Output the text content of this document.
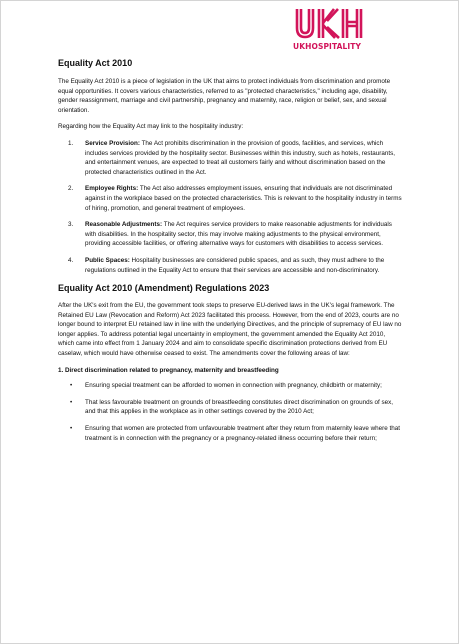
UKHOSPITALITY
Equality Act 2010

The Equality Act 2010 is a piece of legislation in the UK that aims to protect individuals from discrimination and promote equal opportunities. It covers various characteristics, referred to as "protected characteristics," including age, disability, gender reassignment, marriage and civil partnership, pregnancy and maternity, race, religion or belief, sex, and sexual orientation.

Regarding how the Equality Act may link to the hospitality industry:

1. Service Provision: The Act prohibits discrimination in the provision of goods, facilities, and services, which includes services provided by the hospitality sector. Businesses within this industry, such as hotels, restaurants, and entertainment venues, are expected to treat all customers fairly and without discrimination based on the protected characteristics outlined in the Act.
2. Employee Rights: The Act also addresses employment issues, ensuring that individuals are not discriminated against in the workplace based on the protected characteristics. This is relevant to the hospitality industry in terms of hiring, promotion, and general treatment of employees.
3. Reasonable Adjustments: The Act requires service providers to make reasonable adjustments for individuals with disabilities. In the hospitality sector, this may involve making adjustments to the physical environment, providing accessible facilities, or offering alternative ways for customers with disabilities to access services.
4. Public Spaces: Hospitality businesses are considered public spaces, and as such, they must adhere to the regulations outlined in the Equality Act to ensure that their services are accessible and non-discriminatory.
Equality Act 2010 (Amendment) Regulations 2023

After the UK's exit from the EU, the government took steps to preserve EU-derived laws in the UK's legal framework. The Retained EU Law (Revocation and Reform) Act 2023 facilitated this process. However, from the end of 2023, courts are no longer bound to interpret EU retained law in line with the underlying Directives, and the principle of supremacy of EU law no longer applies. To address potential legal uncertainty in employment, the government amended the Equality Act 2010, which came into effect from 1 January 2024 and aim to consolidate specific discrimination protections derived from EU caselaw, which would have otherwise ceased to exist. The amendments cover the following areas of law:

1. Direct discrimination related to pregnancy, maternity and breastfeeding
• Ensuring special treatment can be afforded to women in connection with pregnancy, childbirth or maternity;
• That less favourable treatment on grounds of breastfeeding constitutes direct discrimination on grounds of sex, and that this applies in the workplace as in other settings covered by the 2010 Act;
• Ensuring that women are protected from unfavourable treatment after they return from maternity leave where that treatment is in connection with the pregnancy or a pregnancy-related illness occurring before their return;
